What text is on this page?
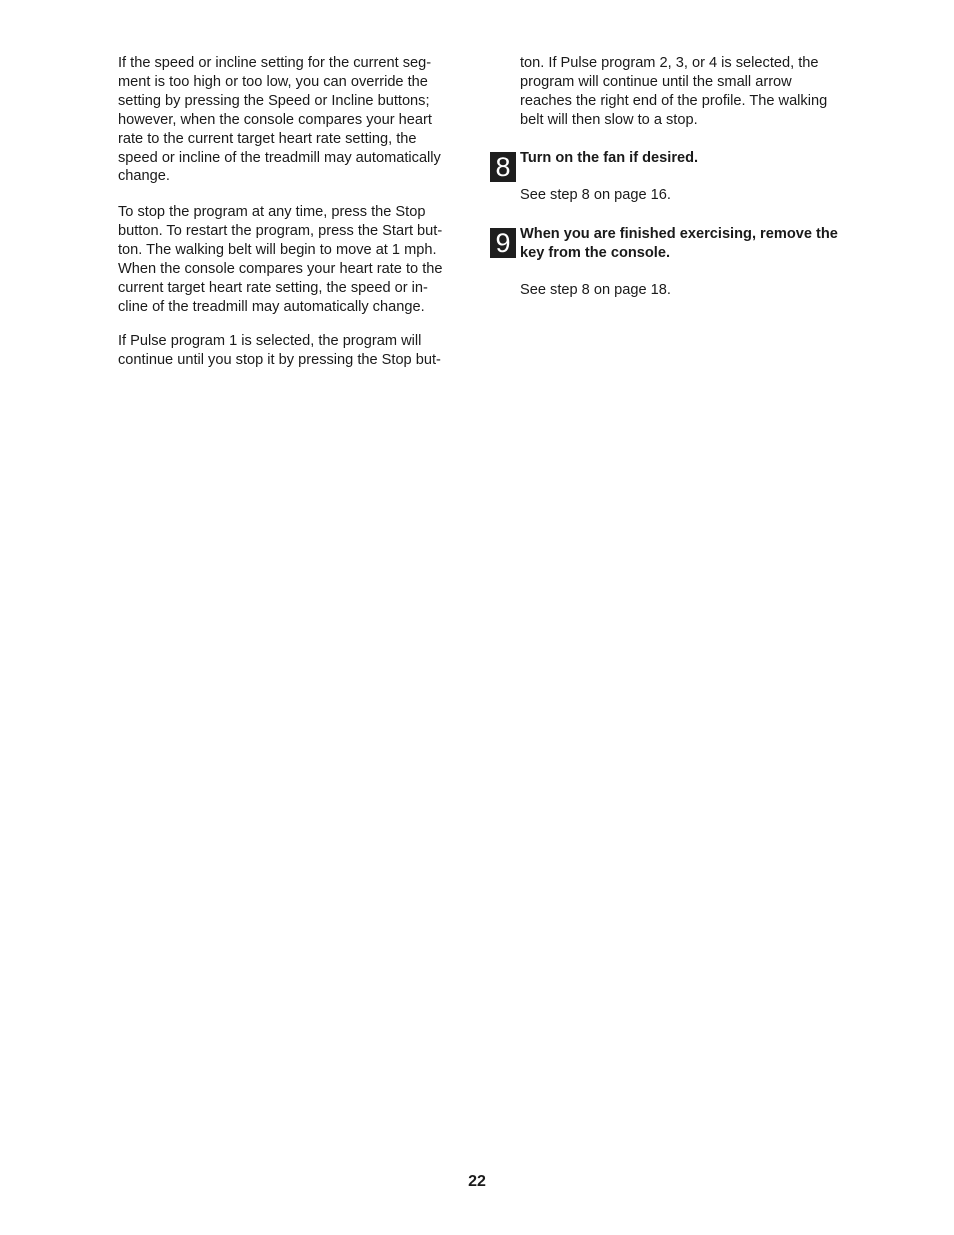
If the speed or incline setting for the current seg-
ment is too high or too low, you can override the
setting by pressing the Speed or Incline buttons;
however, when the console compares your heart
rate to the current target heart rate setting, the
speed or incline of the treadmill may automatically
change.

To stop the program at any time, press the Stop
button. To restart the program, press the Start but-
ton. The walking belt will begin to move at 1 mph.
When the console compares your heart rate to the
current target heart rate setting, the speed or in-
cline of the treadmill may automatically change.

If Pulse program 1 is selected, the program will
continue until you stop it by pressing the Stop but-

ton. If Pulse program 2, 3, or 4 is selected, the
program will continue until the small arrow
reaches the right end of the profile. The walking
belt will then slow to a stop.

8 Turn on the fan if desired.

See step 8 on page 16.

9 When you are finished exercising, remove the
key from the console.

See step 8 on page 18.

22
